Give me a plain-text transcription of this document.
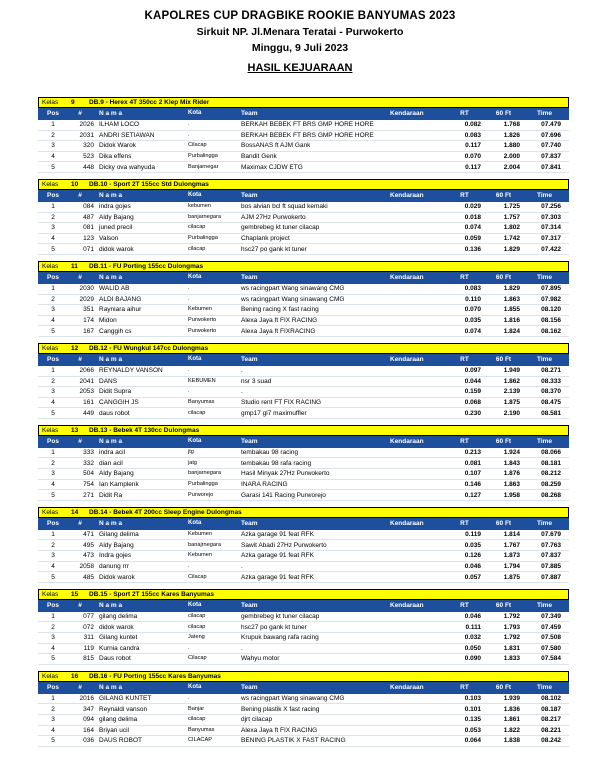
KAPOLRES CUP DRAGBIKE ROOKIE BANYUMAS 2023
Sirkuit NP. Jl.Menara Teratai - Purwokerto
Minggu, 9 Juli 2023
HASIL KEJUARAAN
Kelas 9 DB.9 - Herex 4T 350cc 2 Klep Mix Rider
Pos	#	N a m a	Kota	Team	Kendaraan	RT	60 Ft	Time
1	2026 ILHAM LOCO	.	BERKAH BEBEK FT BRS GMP HORE HORE	0.082	1.768	07.479
2	2031 ANDRI SETIAWAN	.	BERKAH BEBEK FT BRS GMP HORE HORE	0.083	1.826	07.696
3	320 Didok Warok	Cilacap	BossANAS ft AJM Gank	0.117	1.880	07.740
4	523 Dika effens	Purbalingga	Bandit Genk	0.070	2.000	07.837
5	448 Dicky ova wahyuda	Banjarnegar	Maximax CJDW ETG	0.117	2.004	07.841
Kelas 10 DB.10 - Sport 2T 155cc Std Dulongmas
Pos	#	N a m a	Kota	Team	Kendaraan	RT	60 Ft	Time
1	084 indra gojes	kebumen	bos alvian bcl ft squad kemaki	0.029	1.725	07.256
2	487 Aldy Bajang	banjarnegara	AJM 27Hz Purwokerto	0.018	1.757	07.303
3	081 juned precil	cilacap	gembrebeg kt tuner cilacap	0.074	1.802	07.314
4	123 Valson	Purbalingga	Chaplank project	0.059	1.742	07.317
5	071 didok warok	cilacap	hsc27 po gank kt tuner	0.136	1.829	07.422
Kelas 11 DB.11 - FU Porting 155cc Dulongmas
Pos	#	N a m a	Kota	Team	Kendaraan	RT	60 Ft	Time
1	2030 WALID AB	.	ws racingpart Wang sinawang CMG	0.083	1.829	07.895
2	2029 ALDI BAJANG	.	ws racingpart Wang sinawang CMG	0.110	1.863	07.982
3	351 Rayniara aihur	Kebumen	Bening racing X fast racing	0.070	1.855	08.120
4	174 Midon	Purwokerto	Alexa Jaya ft FIX RACING	0.035	1.816	08.156
5	167 Canggih cs	Purwokerto	Alexa Jaya ft FIXRACING	0.074	1.824	08.162
Kelas 12 DB.12 - FU Wungkul 147cc Dulongmas
Pos	#	N a m a	Kota	Team	Kendaraan	RT	60 Ft	Time
1	2066 REYNALDY VANSON	.	.	0.097	1.949	08.271
2	2041 DANS	KEBUMEN	nsr 3 suad	0.044	1.862	08.333
3	2053 Didit Supra	.	.	0.159	2.139	08.370
4	161 CANGGIH JS	Banyumas	Studio rent FT FIX RACING	0.068	1.875	08.475
5	449 daus robot	cilacap	gmp17 gl7 maximuffler	0.230	2.190	08.581
Kelas 13 DB.13 - Bebek 4T 130cc Dulongmas
Pos	#	N a m a	Kota	Team	Kendaraan	RT	60 Ft	Time
1	333 indra acil	jtg	tembakau 98 racing	0.213	1.924	08.066
2	332 dian acil	jatg	tembakau 98 rafa racing	0.081	1.843	08.181
3	504 Aldy Bajang	banjarnegara	Hasil Minyak 27Hz Purwokerto	0.107	1.876	08.212
4	754 Ian Kamplenk	Purbalingga	INARA RACING	0.146	1.863	08.259
5	271 Didit Ra	Purworejo	Garasi 141 Racing Purworejo	0.127	1.958	08.268
Kelas 14 DB.14 - Bebek 4T 200cc Sleep Engine Dulongmas
Pos	#	N a m a	Kota	Team	Kendaraan	RT	60 Ft	Time
1	471 Gilang delima	Kebumen	Azka garage 91 feat RFK	0.119	1.814	07.679
2	495 Aldy Bajang	banajrnegara	Sawit Abadi 27Hz Purwokerto	0.035	1.767	07.763
3	473 Indra gojes	Kebumen	Azka garage 91 feat RFK	0.126	1.873	07.837
4	2058 danung rrr	.	.	0.046	1.794	07.885
5	485 Didok warok	Cilacap	Azka garage 91 feat RFK	0.057	1.875	07.887
Kelas 15 DB.15 - Sport 2T 155cc Kares Banyumas
Pos	#	N a m a	Kota	Team	Kendaraan	RT	60 Ft	Time
1	077 gilang delima	cilacap	gembrebeg kt tuner cilacap	0.046	1.792	07.349
2	072 didok warok	cilacap	hsc27 po gank kt tuner	0.111	1.793	07.459
3	311 Gilang kuntet	Jateng	Krupuk bawang rafa racing	0.032	1.792	07.508
4	119 Kurnia candra	.	.	0.050	1.831	07.580
5	815 Daus robot	Cilacap	Wahyu motor	0.090	1.833	07.584
Kelas 16 DB.16 - FU Porting 155cc Kares Banyumas
Pos	#	N a m a	Kota	Team	Kendaraan	RT	60 Ft	Time
1	2016 GILANG KUNTET	.	ws racingpart Wang sinawang CMG	0.103	1.939	08.102
2	347 Reynaldi vanson	Banjar	Bening plastik X fast racing	0.101	1.836	08.187
3	094 gilang delima	cilacap	djrt cilacap	0.135	1.861	08.217
4	164 Briyan ucil	Banyumas	Alexa Jaya ft FIX RACING	0.053	1.822	08.221
5	036 DAUS ROBOT	CILACAP	BENING PLASTIK X FAST RACING	0.064	1.838	08.242
